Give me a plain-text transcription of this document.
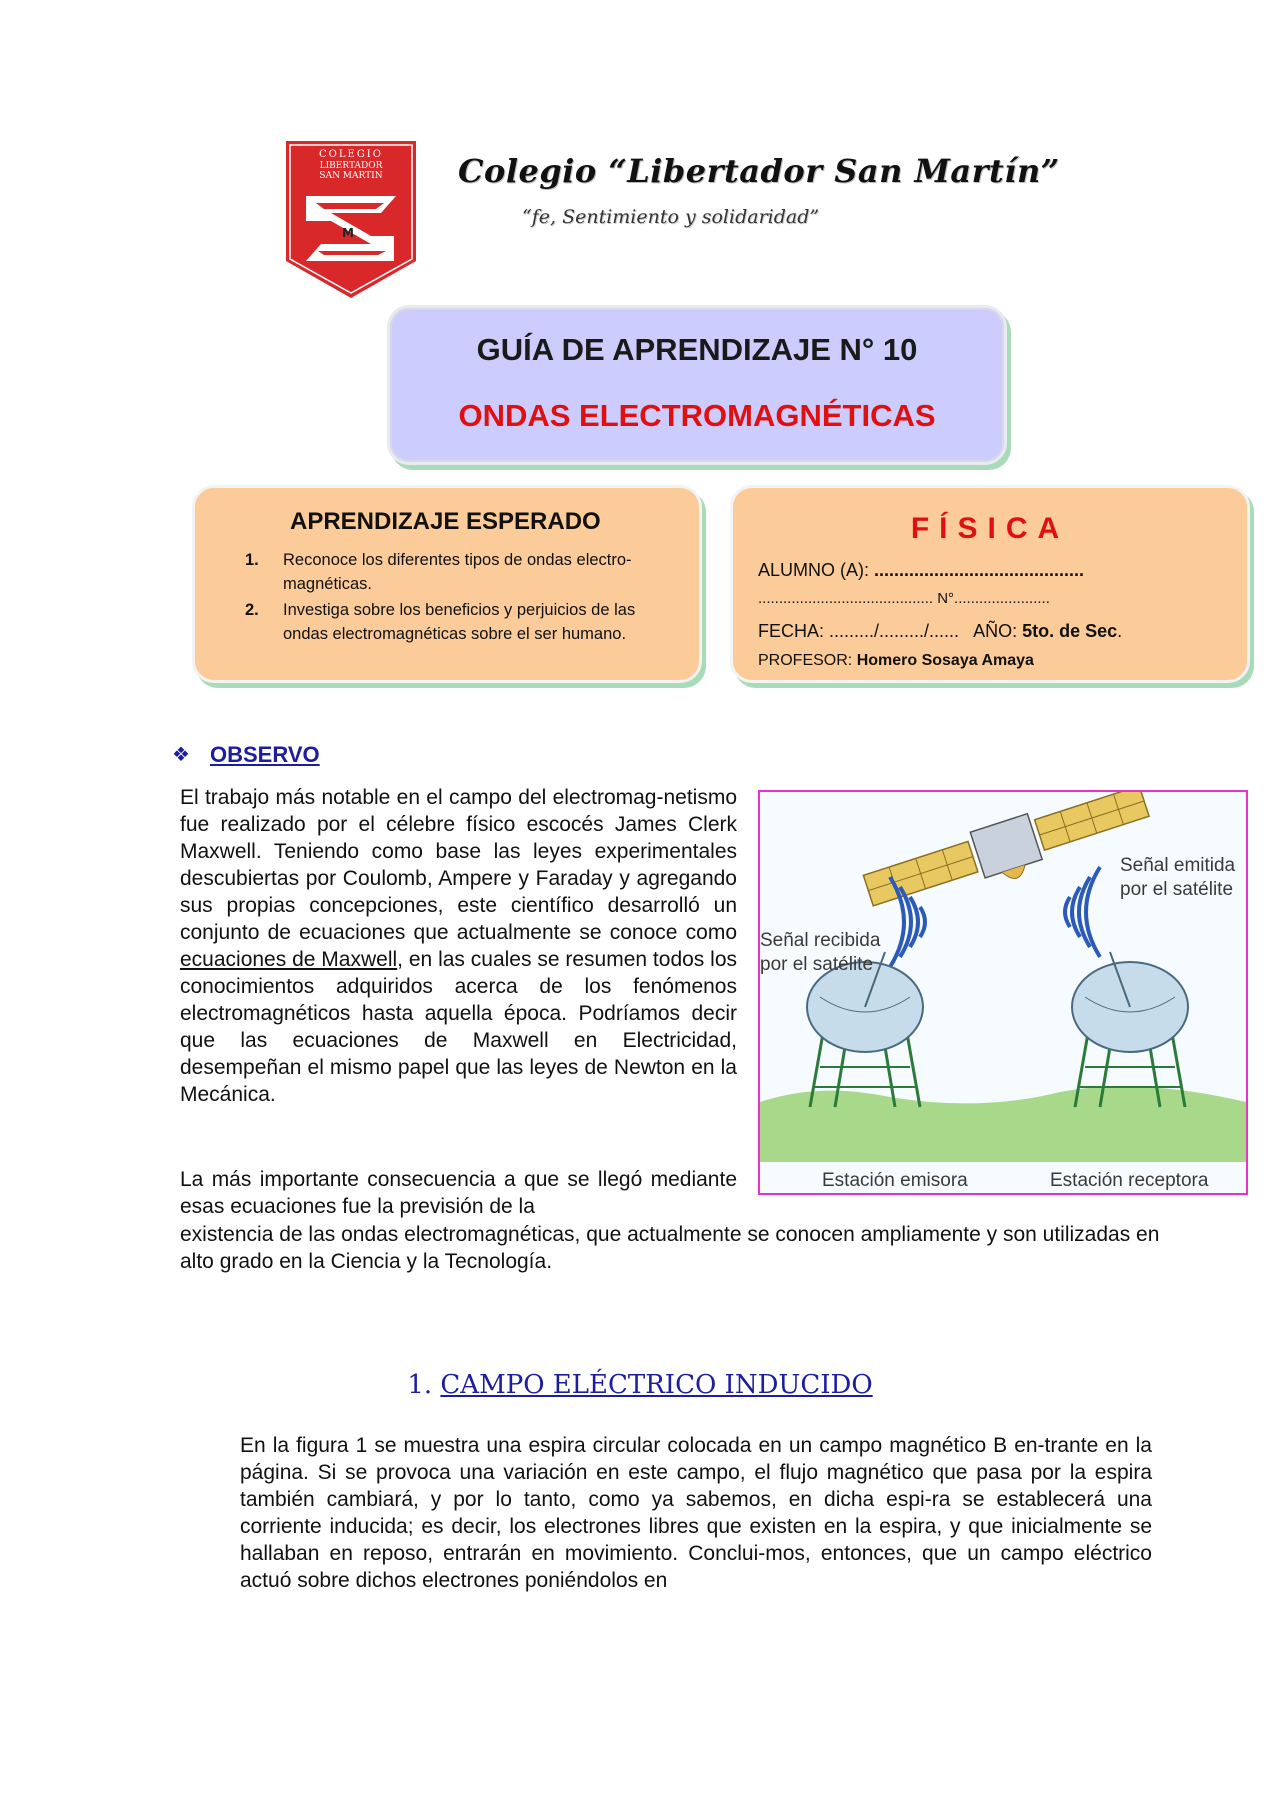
COLEGIO
LIBERTADOR
SAN MARTIN
M
Colegio “Libertador San Martín”
“fe, Sentimiento y solidaridad”
GUÍA DE APRENDIZAJE N° 10
ONDAS ELECTROMAGNÉTICAS
APRENDIZAJE ESPERADO
1. Reconoce los diferentes tipos de ondas electro-magnéticas.
2. Investiga sobre los beneficios y perjuicios de las ondas electromagnéticas sobre el ser humano.
FÍSICA
ALUMNO (A): ..........................................
.......................................... N°.......................
FECHA: ........./........./...... AÑO: 5to. de Sec.
PROFESOR: Homero Sosaya Amaya
❖ OBSERVO
El trabajo más notable en el campo del electromag-netismo fue realizado por el célebre físico escocés James Clerk Maxwell. Teniendo como base las leyes experimentales descubiertas por Coulomb, Ampere y Faraday y agregando sus propias concepciones, este científico desarrolló un conjunto de ecuaciones que actualmente se conoce como ecuaciones de Maxwell, en las cuales se resumen todos los conocimientos adquiridos acerca de los fenómenos electromagnéticos hasta aquella época. Podríamos decir que las ecuaciones de Maxwell en Electricidad, desempeñan el mismo papel que las leyes de Newton en la Mecánica.
La más importante consecuencia a que se llegó mediante esas ecuaciones fue la previsión de la
existencia de las ondas electromagnéticas, que actualmente se conocen ampliamente y son utilizadas en alto grado en la Ciencia y la Tecnología.
Señal recibida por el satélite
Señal emitida por el satélite
Estación emisora	Estación receptora
1. CAMPO ELÉCTRICO INDUCIDO
En la figura 1 se muestra una espira circular colocada en un campo magnético B en-trante en la página. Si se provoca una variación en este campo, el flujo magnético que pasa por la espira también cambiará, y por lo tanto, como ya sabemos, en dicha espi-ra se establecerá una corriente inducida; es decir, los electrones libres que existen en la espira, y que inicialmente se hallaban en reposo, entrarán en movimiento. Conclui-mos, entonces, que un campo eléctrico actuó sobre dichos electrones poniéndolos en
